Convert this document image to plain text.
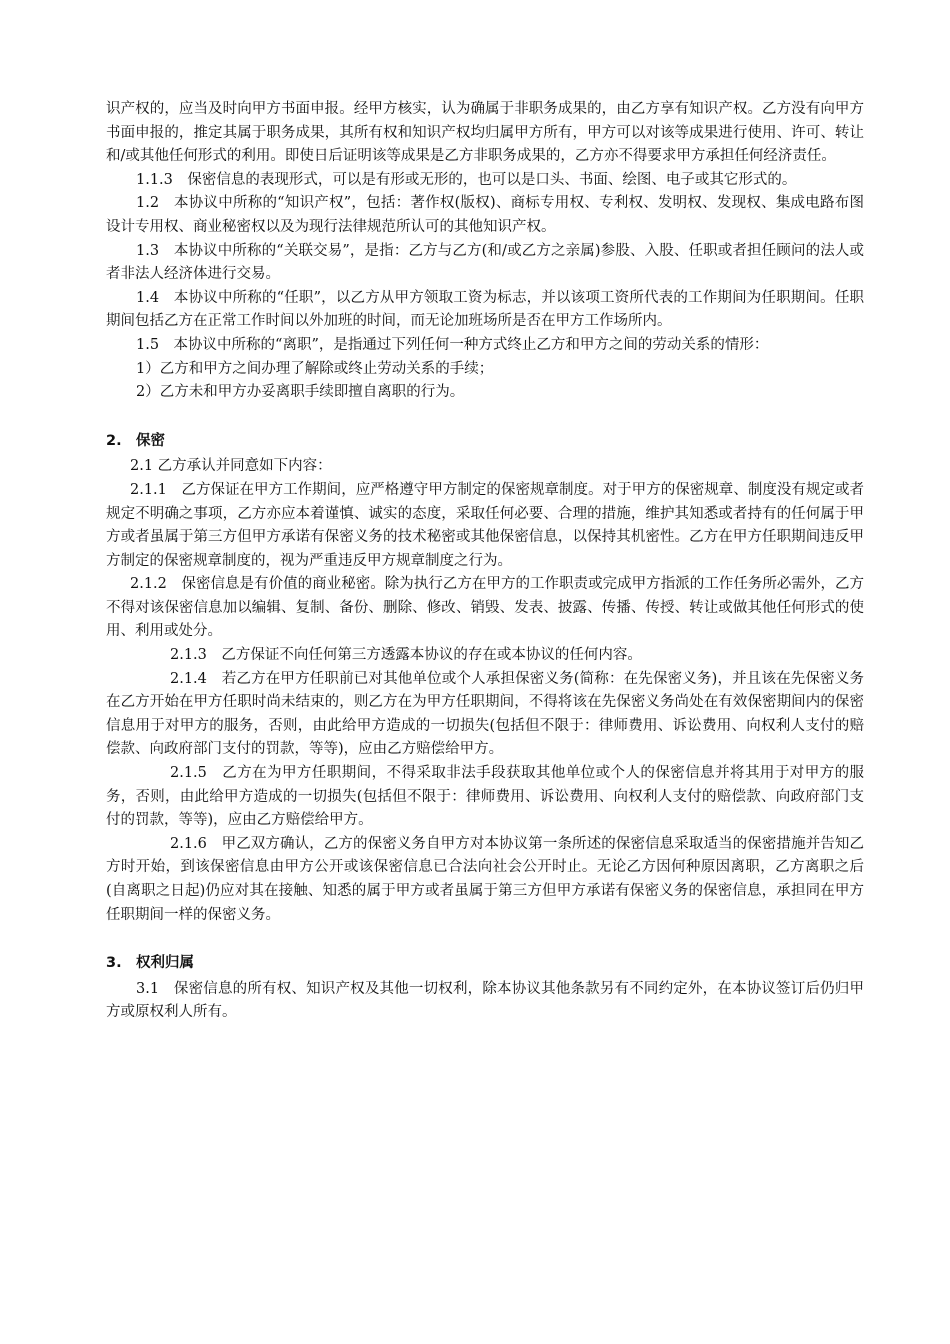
识产权的，应当及时向甲方书面申报。经甲方核实，认为确属于非职务成果的，由乙方享有知识产权。乙方没有向甲方书面申报的，推定其属于职务成果，其所有权和知识产权均归属甲方所有，甲方可以对该等成果进行使用、许可、转让和/或其他任何形式的利用。即使日后证明该等成果是乙方非职务成果的，乙方亦不得要求甲方承担任何经济责任。

1.1.3　保密信息的表现形式，可以是有形或无形的，也可以是口头、书面、绘图、电子或其它形式的。

1.2　本协议中所称的“知识产权”，包括：著作权(版权)、商标专用权、专利权、发明权、发现权、集成电路布图设计专用权、商业秘密权以及为现行法律规范所认可的其他知识产权。

1.3　本协议中所称的“关联交易”，是指：乙方与乙方(和/或乙方之亲属)参股、入股、任职或者担任顾问的法人或者非法人经济体进行交易。

1.4　本协议中所称的“任职”，以乙方从甲方领取工资为标志，并以该项工资所代表的工作期间为任职期间。任职期间包括乙方在正常工作时间以外加班的时间，而无论加班场所是否在甲方工作场所内。

1.5　本协议中所称的“离职”，是指通过下列任何一种方式终止乙方和甲方之间的劳动关系的情形：

1）乙方和甲方之间办理了解除或终止劳动关系的手续；

2）乙方未和甲方办妥离职手续即擅自离职的行为。

2. 保密

2.1 乙方承认并同意如下内容：

2.1.1　乙方保证在甲方工作期间，应严格遵守甲方制定的保密规章制度。对于甲方的保密规章、制度没有规定或者规定不明确之事项，乙方亦应本着谨慎、诚实的态度，采取任何必要、合理的措施，维护其知悉或者持有的任何属于甲方或者虽属于第三方但甲方承诺有保密义务的技术秘密或其他保密信息，以保持其机密性。乙方在甲方任职期间违反甲方制定的保密规章制度的，视为严重违反甲方规章制度之行为。

2.1.2　保密信息是有价值的商业秘密。除为执行乙方在甲方的工作职责或完成甲方指派的工作任务所必需外，乙方不得对该保密信息加以编辑、复制、备份、删除、修改、销毁、发表、披露、传播、传授、转让或做其他任何形式的使用、利用或处分。

2.1.3　乙方保证不向任何第三方透露本协议的存在或本协议的任何内容。

2.1.4　若乙方在甲方任职前已对其他单位或个人承担保密义务(简称：在先保密义务)，并且该在先保密义务在乙方开始在甲方任职时尚未结束的，则乙方在为甲方任职期间，不得将该在先保密义务尚处在有效保密期间内的保密信息用于对甲方的服务，否则，由此给甲方造成的一切损失(包括但不限于：律师费用、诉讼费用、向权利人支付的赔偿款、向政府部门支付的罚款，等等)，应由乙方赔偿给甲方。

2.1.5　乙方在为甲方任职期间，不得采取非法手段获取其他单位或个人的保密信息并将其用于对甲方的服务，否则，由此给甲方造成的一切损失(包括但不限于：律师费用、诉讼费用、向权利人支付的赔偿款、向政府部门支付的罚款，等等)，应由乙方赔偿给甲方。

2.1.6　甲乙双方确认，乙方的保密义务自甲方对本协议第一条所述的保密信息采取适当的保密措施并告知乙方时开始，到该保密信息由甲方公开或该保密信息已合法向社会公开时止。无论乙方因何种原因离职，乙方离职之后(自离职之日起)仍应对其在接触、知悉的属于甲方或者虽属于第三方但甲方承诺有保密义务的保密信息，承担同在甲方任职期间一样的保密义务。

3. 权利归属

3.1　保密信息的所有权、知识产权及其他一切权利，除本协议其他条款另有不同约定外，在本协议签订后仍归甲方或原权利人所有。
